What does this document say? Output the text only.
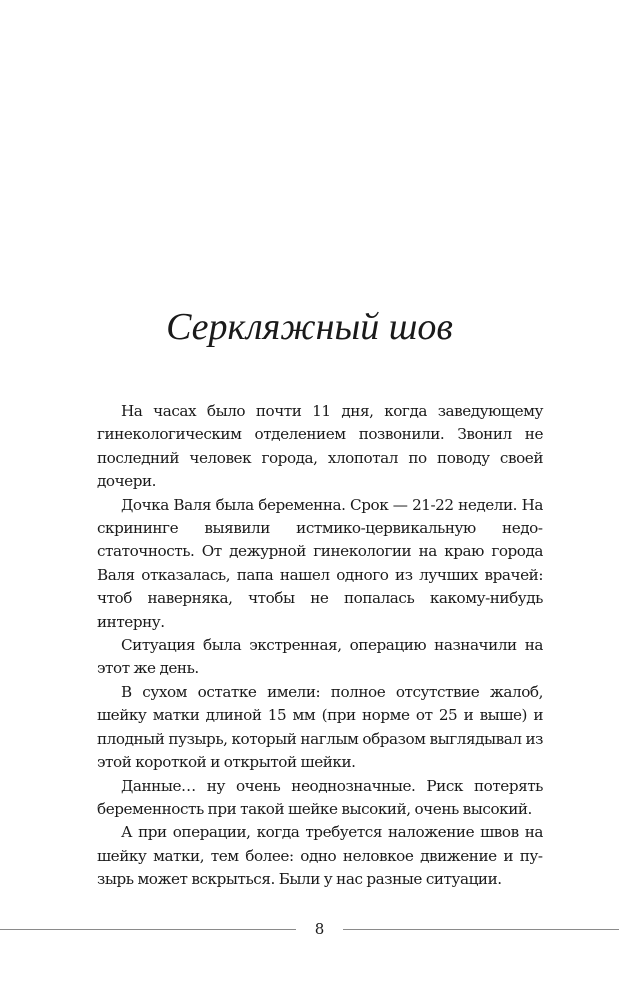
Серкляжный шов

На часах было почти 11 дня, когда заведующему гинекологическим отделением позвонили. Звонил не последний человек города, хлопотал по поводу своей дочери.

Дочка Валя была беременна. Срок — 21-22 недели. На скрининге выявили истмико-цервикальную недостаточность. От дежурной гинекологии на краю города Валя отказалась, папа нашел одного из лучших врачей: чтоб наверняка, чтобы не попалась какому-нибудь интерну.

Ситуация была экстренная, операцию назначили на этот же день.

В сухом остатке имели: полное отсутствие жалоб, шейку матки длиной 15 мм (при норме от 25 и выше) и плодный пузырь, который наглым образом выглядывал из этой короткой и открытой шейки.

Данные… ну очень неоднозначные. Риск потерять беременность при такой шейке высокий, очень высокий.

А при операции, когда требуется наложение швов на шейку матки, тем более: одно неловкое движение и пузырь может вскрыться. Были у нас разные ситуации.

8
